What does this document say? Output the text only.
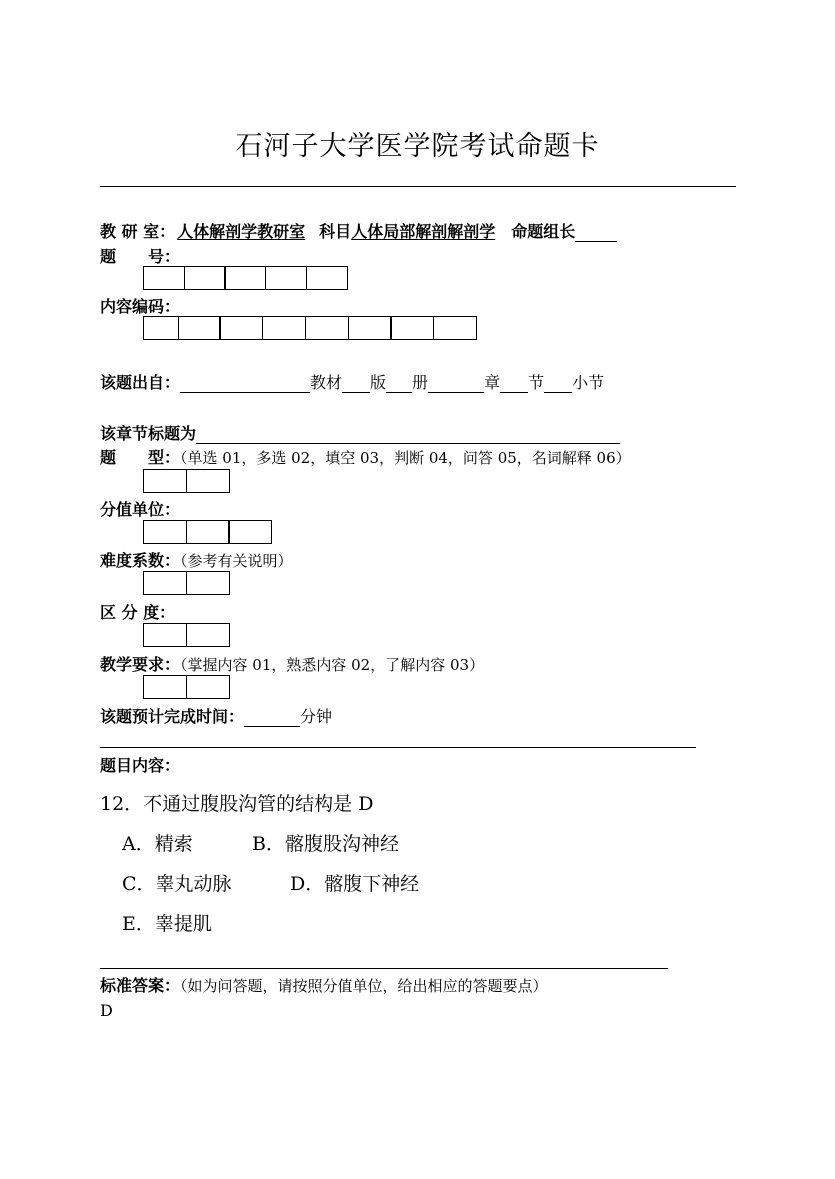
石河子大学医学院考试命题卡
教 研 室： 人体解剖学教研室 科目人体局部解剖解剖学 命题组长
题　　号：
内容编码：
该题出自：	教材 版 册	章 节 小节
该章节标题为
题　　型：（单选 01，多选 02，填空 03，判断 04，问答 05，名词解释 06）
分值单位：
难度系数：（参考有关说明）
区 分 度：
教学要求：（掌握内容 01，熟悉内容 02，了解内容 03）
该题预计完成时间：	分钟
题目内容：
12．不通过腹股沟管的结构是 D
A．精索	B．髂腹股沟神经
C．睾丸动脉	D．髂腹下神经
E．睾提肌
标准答案：（如为问答题，请按照分值单位，给出相应的答题要点）
D
